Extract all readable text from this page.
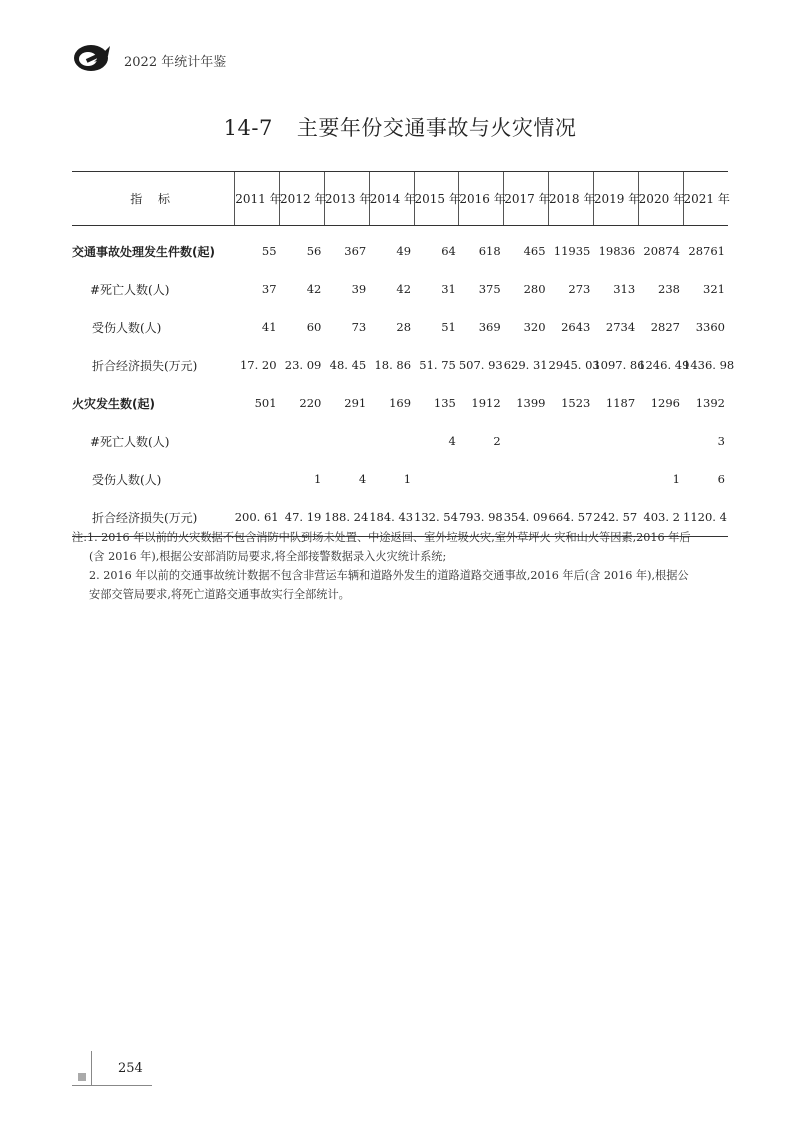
2022 年统计年鉴
14-7 主要年份交通事故与火灾情况
指 标	2011 年	2012 年	2013 年	2014 年	2015 年	2016 年	2017 年	2018 年	2019 年	2020 年	2021 年
交通事故处理发生件数(起)	55	56	367	49	64	618	465	11935	19836	20874	28761
#死亡人数(人)	37	42	39	42	31	375	280	273	313	238	321
受伤人数(人)	41	60	73	28	51	369	320	2643	2734	2827	3360
折合经济损失(万元)	17. 20	23. 09	48. 45	18. 86	51. 75	507. 93	629. 31	2945. 03	1097. 86	1246. 49	1436. 98
火灾发生数(起)	501	220	291	169	135	1912	1399	1523	1187	1296	1392
#死亡人数(人)					4	2					3
受伤人数(人)		1	4	1						1	6
折合经济损失(万元)	200. 61	47. 19	188. 24	184. 43	132. 54	793. 98	354. 09	664. 57	242. 57	403. 2	1120. 4

注:1. 2016 年以前的火灾数据不包含消防中队到场未处置、中途返回、室外垃圾火灾,室外草坪火 灾和山火等因素,2016 年后

(含 2016 年),根据公安部消防局要求,将全部接警数据录入火灾统计系统;

2. 2016 年以前的交通事故统计数据不包含非营运车辆和道路外发生的道路道路交通事故,2016 年后(含 2016 年),根据公

安部交管局要求,将死亡道路交通事故实行全部统计。

254
